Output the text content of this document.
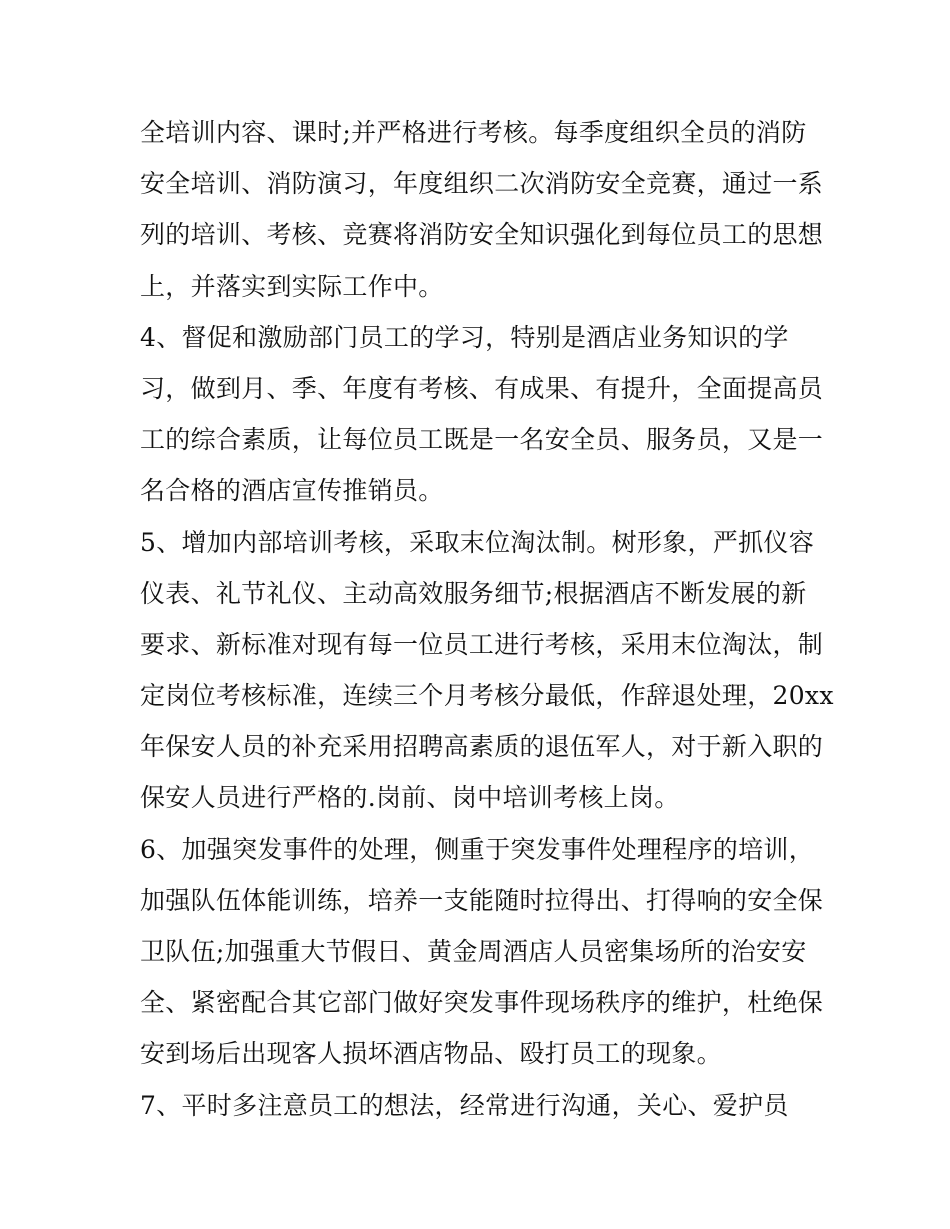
全培训内容、课时;并严格进行考核。每季度组织全员的消防
安全培训、消防演习，年度组织二次消防安全竞赛，通过一系
列的培训、考核、竞赛将消防安全知识强化到每位员工的思想
上，并落实到实际工作中。
4、督促和激励部门员工的学习，特别是酒店业务知识的学
习，做到月、季、年度有考核、有成果、有提升，全面提高员
工的综合素质，让每位员工既是一名安全员、服务员，又是一
名合格的酒店宣传推销员。
5、增加内部培训考核，采取末位淘汰制。树形象，严抓仪容
仪表、礼节礼仪、主动高效服务细节;根据酒店不断发展的新
要求、新标准对现有每一位员工进行考核，采用末位淘汰，制
定岗位考核标准，连续三个月考核分最低，作辞退处理，20xx
年保安人员的补充采用招聘高素质的退伍军人，对于新入职的
保安人员进行严格的.岗前、岗中培训考核上岗。
6、加强突发事件的处理，侧重于突发事件处理程序的培训，
加强队伍体能训练，培养一支能随时拉得出、打得响的安全保
卫队伍;加强重大节假日、黄金周酒店人员密集场所的治安安
全、紧密配合其它部门做好突发事件现场秩序的维护，杜绝保
安到场后出现客人损坏酒店物品、殴打员工的现象。
7、平时多注意员工的想法，经常进行沟通，关心、爱护员
